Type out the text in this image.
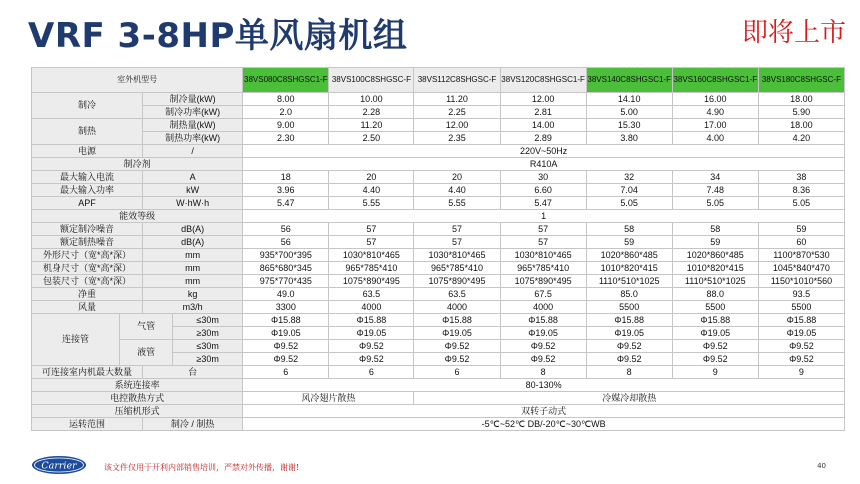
VRF 3-8HP单风扇机组	即将上市
室外机型号				38VS080C8SHGSC1-F	38VS100C8SHGSC-F	38VS112C8SHGSC-F	38VS120C8SHGSC1-F	38VS140C8SHGSC1-F	38VS160C8SHGSC1-F	38VS180C8SHGSC-F
制冷		制冷量(kW)		8.00	10.00	11.20	12.00	14.10	16.00	18.00
		制冷功率(kW)		2.0	2.28	2.25	2.81	5.00	4.90	5.90
制热		制热量(kW)		9.00	11.20	12.00	14.00	15.30	17.00	18.00
		制热功率(kW)		2.30	2.50	2.35	2.89	3.80	4.00	4.20
电源		/		220V~50Hz						
制冷剂				R410A						
最大输入电流		A		18	20	20	30	32	34	38
最大输入功率		kW		3.96	4.40	4.40	6.60	7.04	7.48	8.36
APF		W·hW·h		5.47	5.55	5.55	5.47	5.05	5.05	5.05
能效等级				1						
额定制冷噪音		dB(A)		56	57	57	57	58	58	59
额定制热噪音		dB(A)		56	57	57	57	59	59	60
外形尺寸（宽*高*深）		mm		935*700*395	1030*810*465	1030*810*465	1030*810*465	1020*860*485	1020*860*485	1100*870*530
机身尺寸（宽*高*深）		mm		865*680*345	965*785*410	965*785*410	965*785*410	1010*820*415	1010*820*415	1045*840*470
包装尺寸（宽*高*深）		mm		975*770*435	1075*890*495	1075*890*495	1075*890*495	1110*510*1025	1110*510*1025	1150*1010*560
净重		kg		49.0	63.5	63.5	67.5	85.0	88.0	93.5
风量		m3/h		3300	4000	4000	4000	5500	5500	5500
连接管	气管		≤30m	Φ15.88	Φ15.88	Φ15.88	Φ15.88	Φ15.88	Φ15.88	Φ15.88
			≥30m	Φ19.05	Φ19.05	Φ19.05	Φ19.05	Φ19.05	Φ19.05	Φ19.05
	液管		≤30m	Φ9.52	Φ9.52	Φ9.52	Φ9.52	Φ9.52	Φ9.52	Φ9.52
			≥30m	Φ9.52	Φ9.52	Φ9.52	Φ9.52	Φ9.52	Φ9.52	Φ9.52
可连接室内机最大数量		台		6	6	6	8	8	9	9
系统连接率				80-130%						
电控散热方式				风冷翅片散热		冷媒冷却散热				
压缩机形式				双转子动式						
运转范围		制冷 / 制热		-5℃~52℃ DB/-20℃~30℃WB						
Carrier	该文件仅用于开利内部销售培训，严禁对外传播，谢谢!	40
